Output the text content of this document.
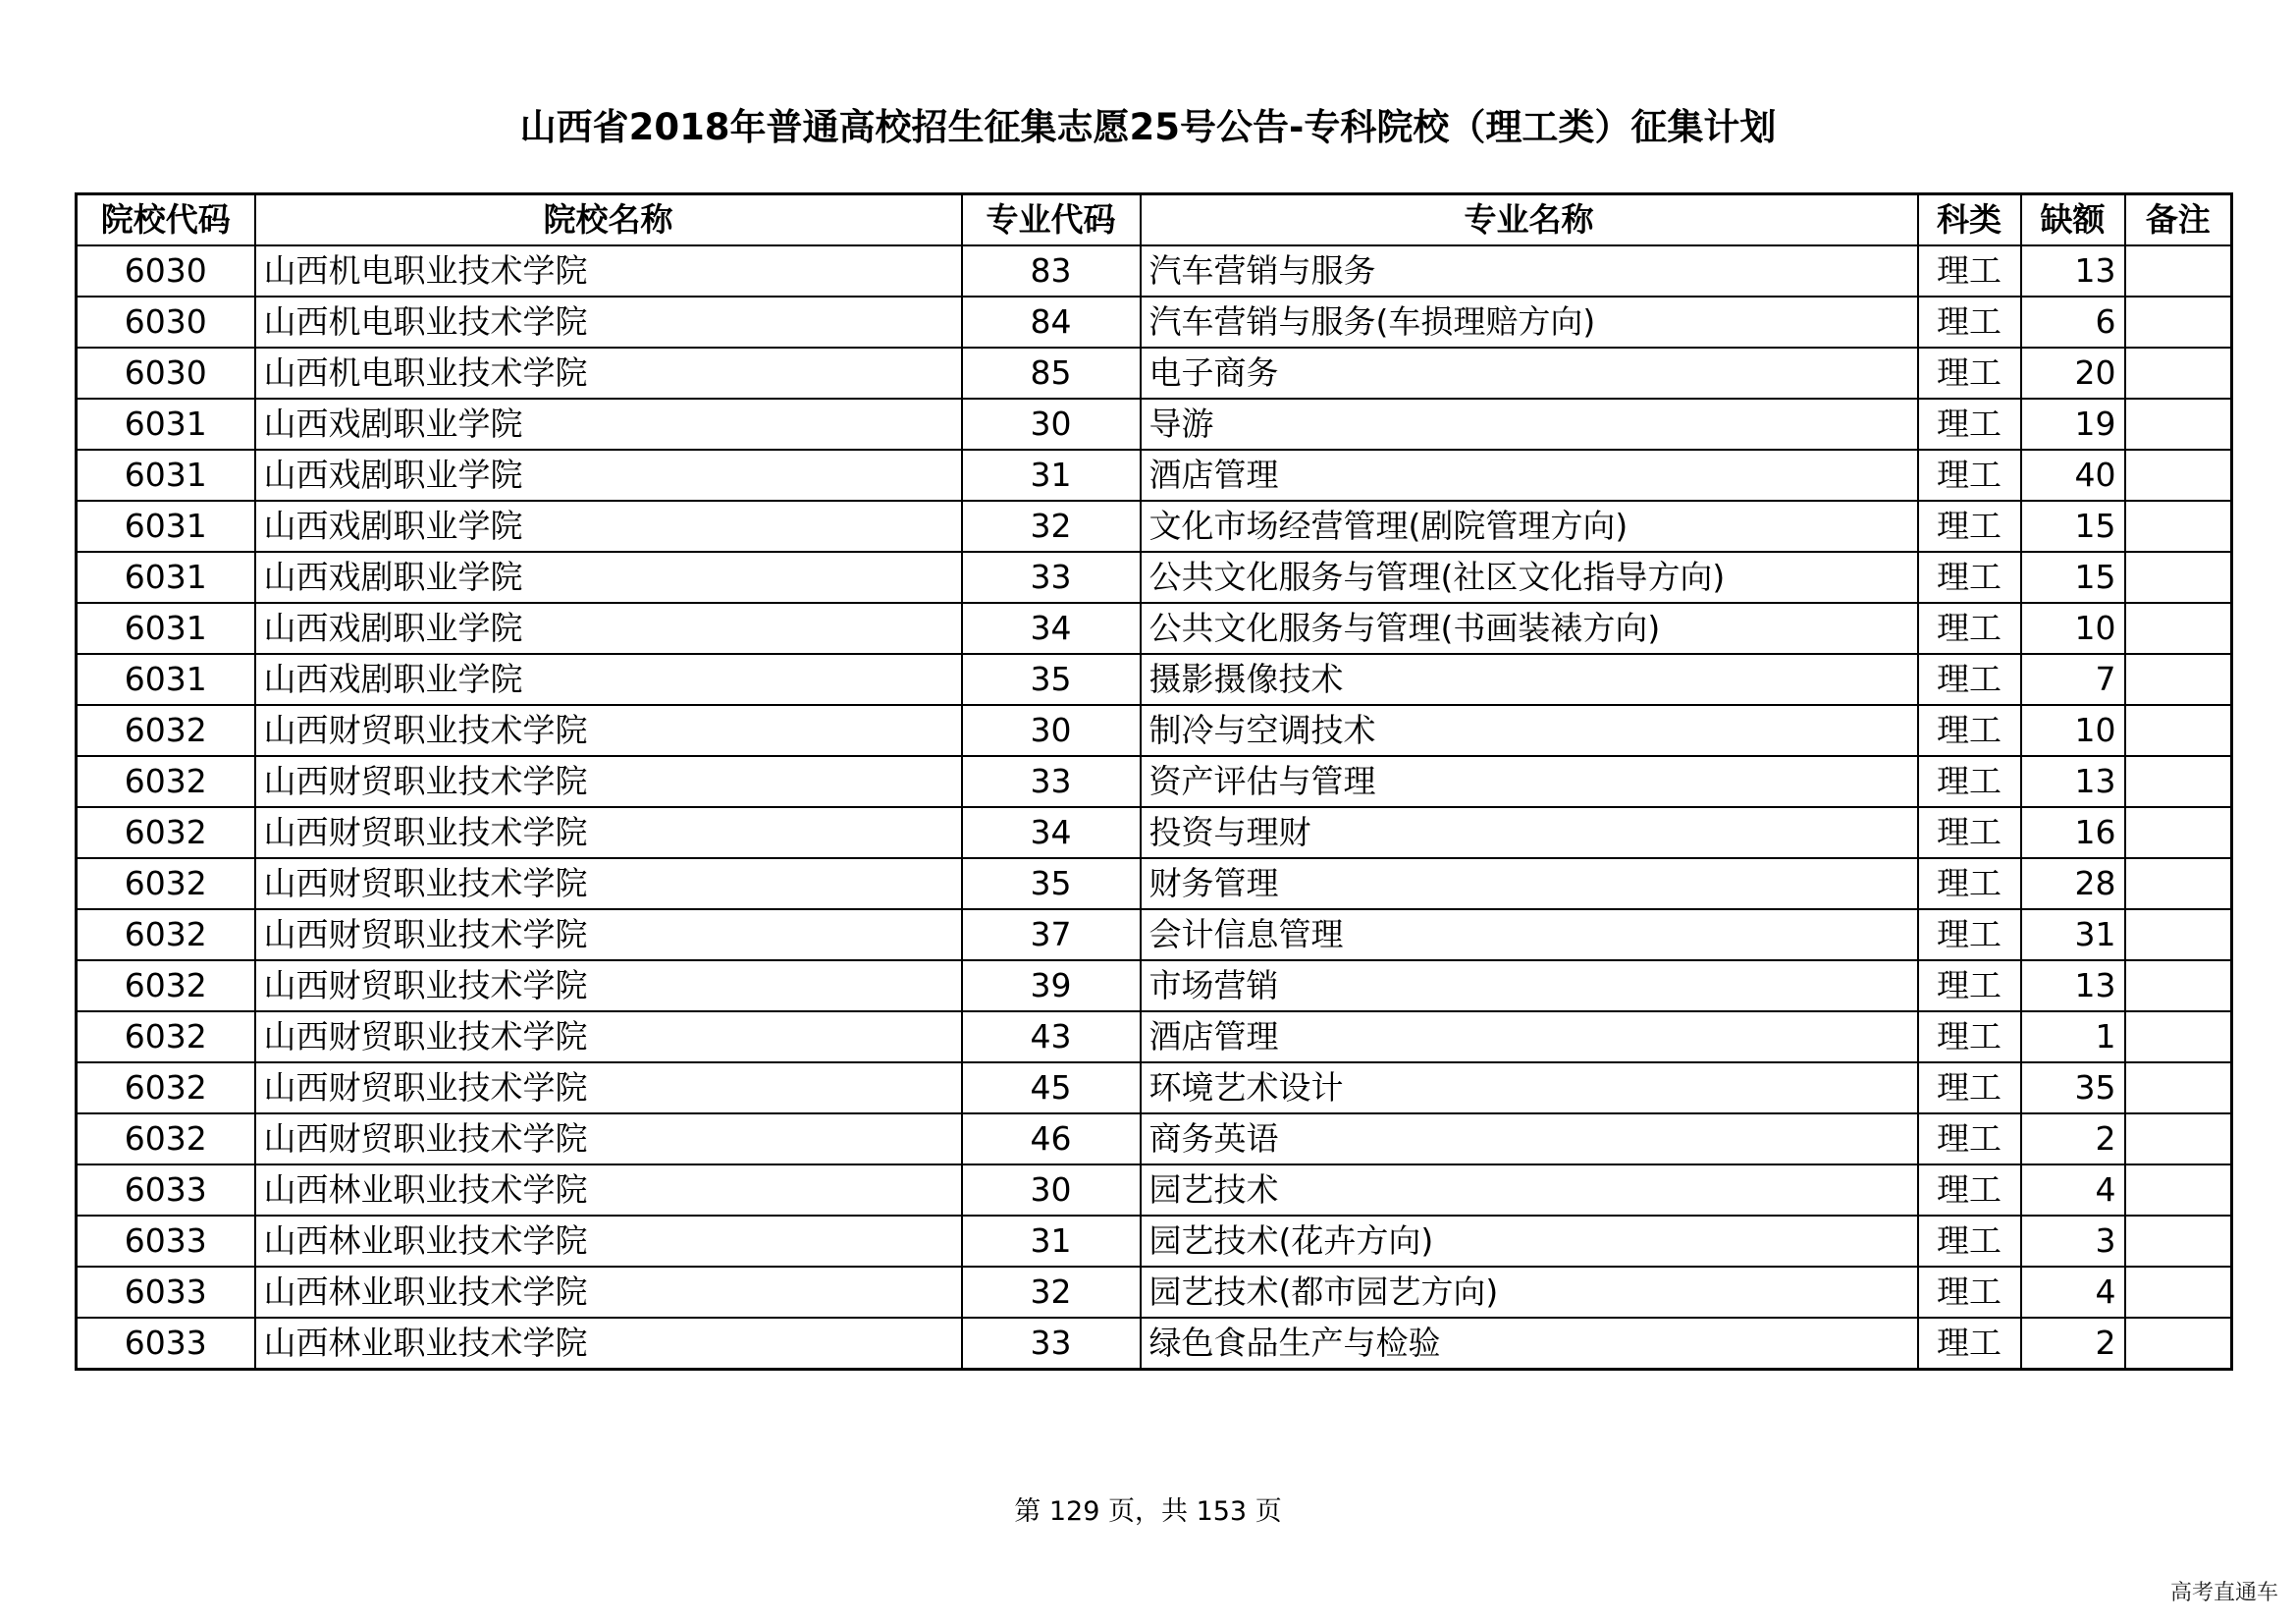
山西省2018年普通高校招生征集志愿25号公告-专科院校（理工类）征集计划
院校代码	院校名称	专业代码	专业名称	科类	缺额	备注
6030	山西机电职业技术学院	83	汽车营销与服务	理工	13	
6030	山西机电职业技术学院	84	汽车营销与服务(车损理赔方向)	理工	6	
6030	山西机电职业技术学院	85	电子商务	理工	20	
6031	山西戏剧职业学院	30	导游	理工	19	
6031	山西戏剧职业学院	31	酒店管理	理工	40	
6031	山西戏剧职业学院	32	文化市场经营管理(剧院管理方向)	理工	15	
6031	山西戏剧职业学院	33	公共文化服务与管理(社区文化指导方向)	理工	15	
6031	山西戏剧职业学院	34	公共文化服务与管理(书画装裱方向)	理工	10	
6031	山西戏剧职业学院	35	摄影摄像技术	理工	7	
6032	山西财贸职业技术学院	30	制冷与空调技术	理工	10	
6032	山西财贸职业技术学院	33	资产评估与管理	理工	13	
6032	山西财贸职业技术学院	34	投资与理财	理工	16	
6032	山西财贸职业技术学院	35	财务管理	理工	28	
6032	山西财贸职业技术学院	37	会计信息管理	理工	31	
6032	山西财贸职业技术学院	39	市场营销	理工	13	
6032	山西财贸职业技术学院	43	酒店管理	理工	1	
6032	山西财贸职业技术学院	45	环境艺术设计	理工	35	
6032	山西财贸职业技术学院	46	商务英语	理工	2	
6033	山西林业职业技术学院	30	园艺技术	理工	4	
6033	山西林业职业技术学院	31	园艺技术(花卉方向)	理工	3	
6033	山西林业职业技术学院	32	园艺技术(都市园艺方向)	理工	4	
6033	山西林业职业技术学院	33	绿色食品生产与检验	理工	2	
第 129 页，共 153 页
高考直通车
